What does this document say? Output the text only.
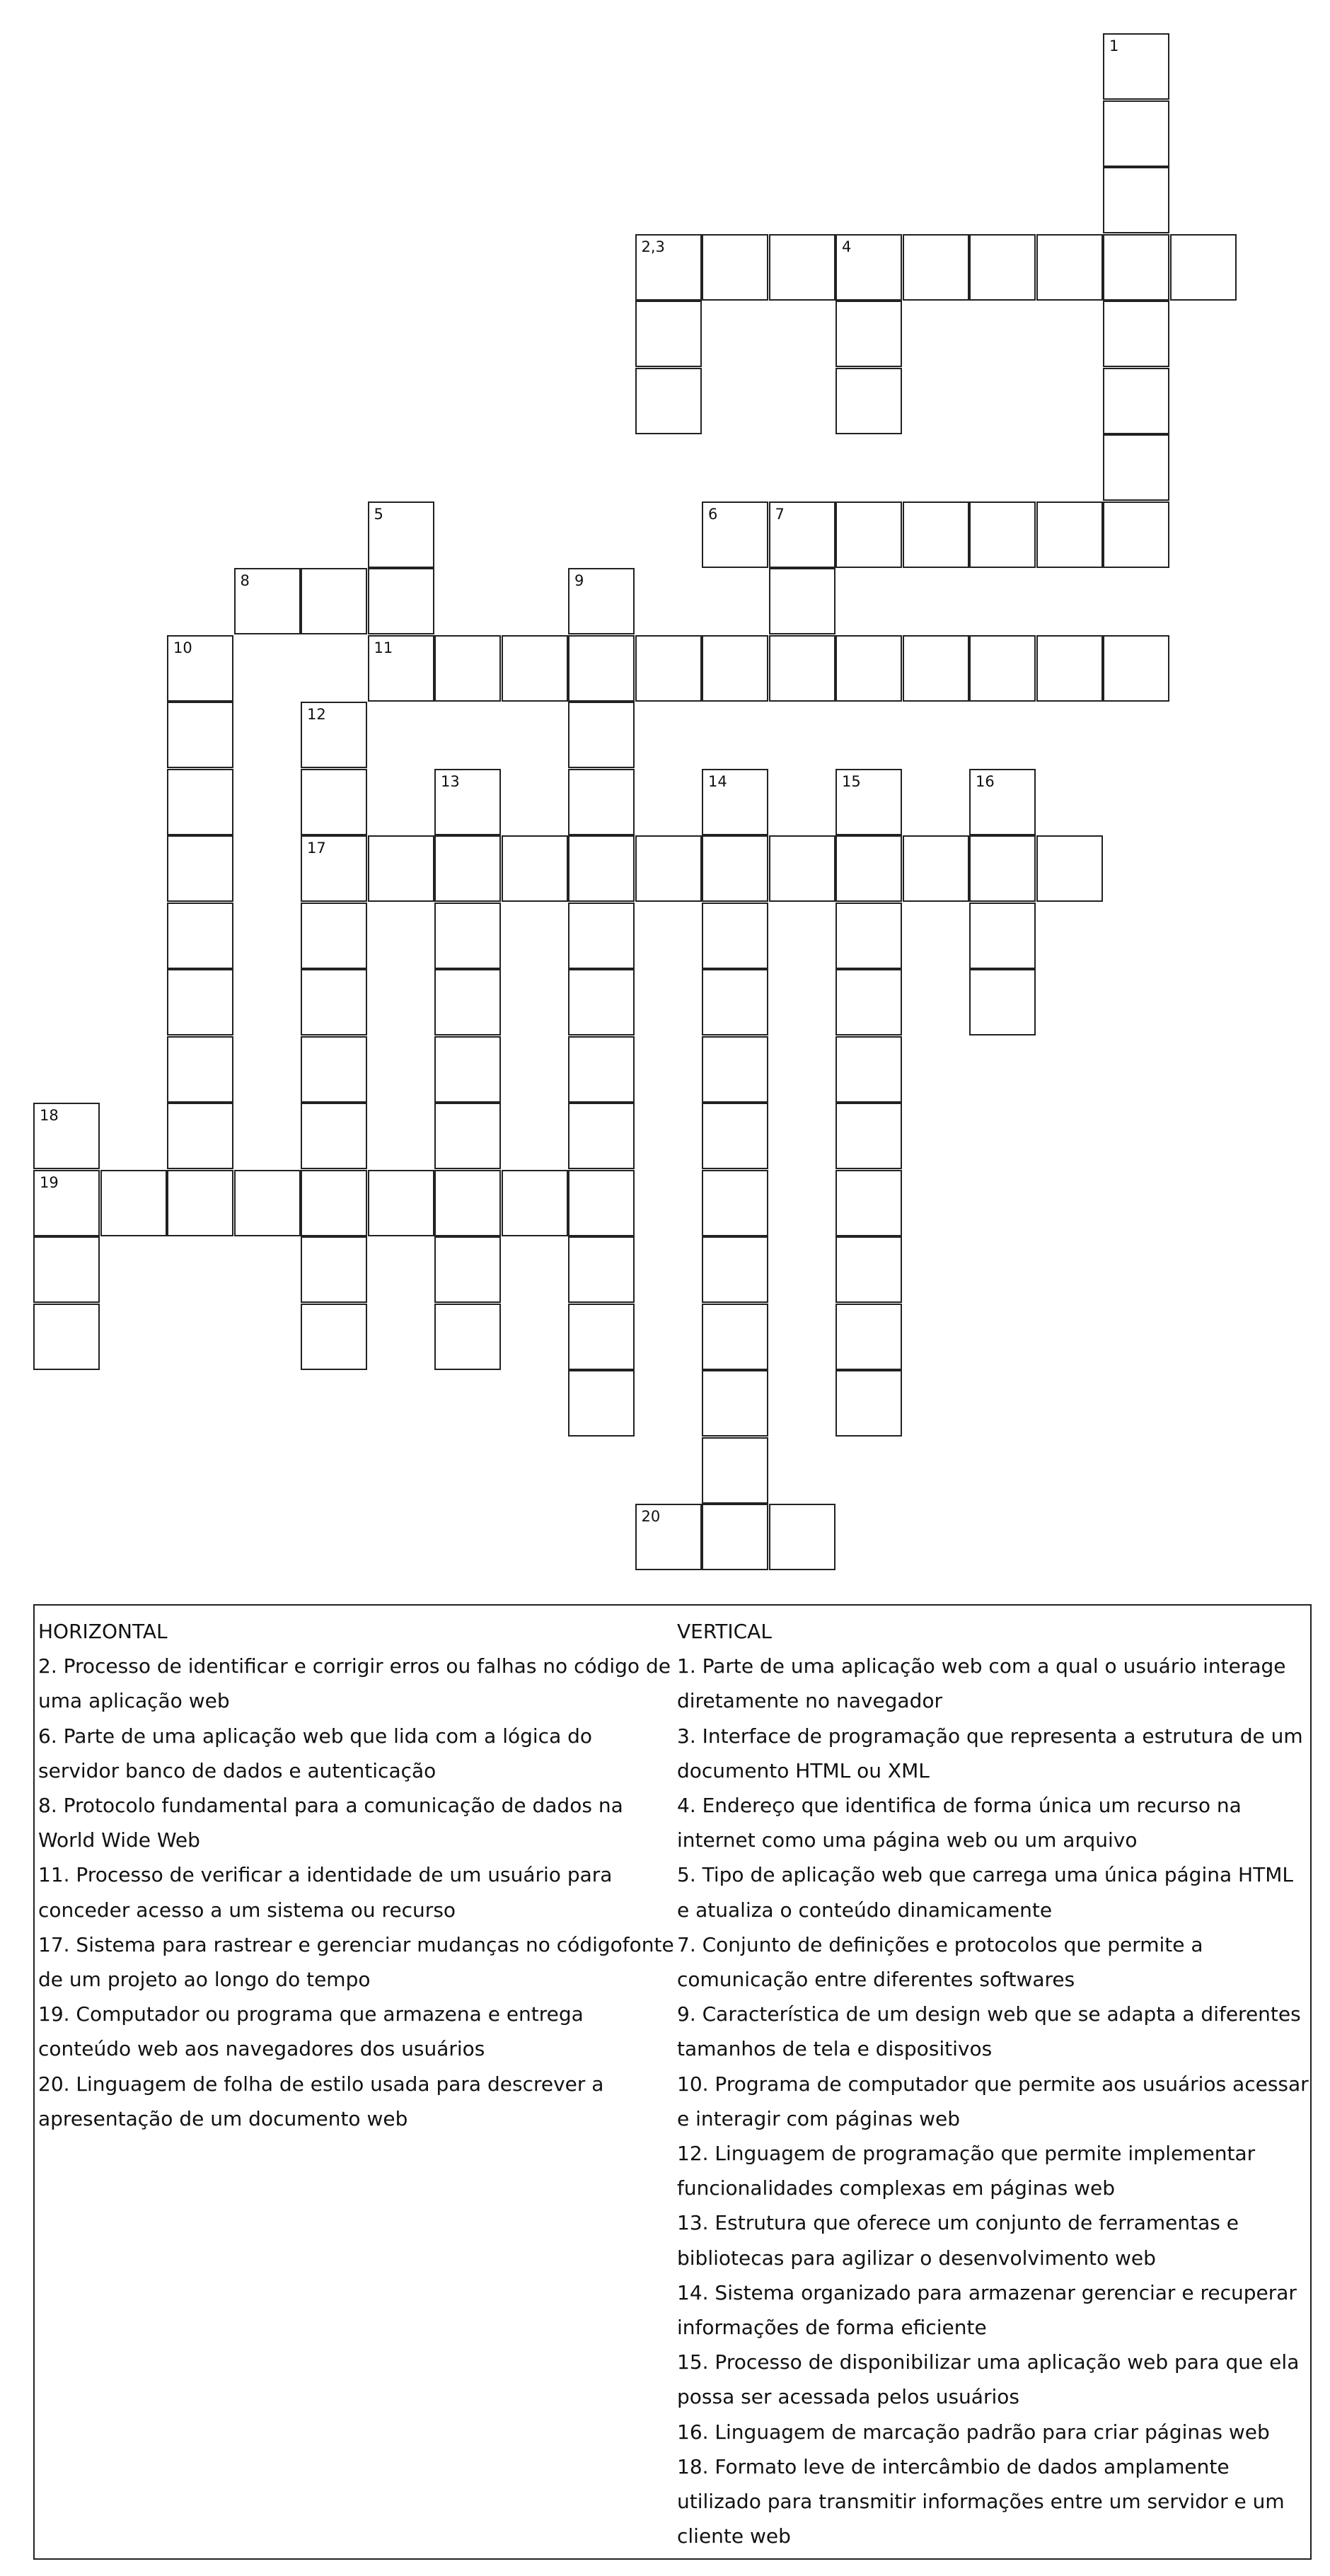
1
2,3	4
6	7
5
8	9
11
10
12
17
13	14	15	16
18
19
20

HORIZONTAL

2. Processo de identificar e corrigir erros ou falhas no código de uma aplicação web

6. Parte de uma aplicação web que lida com a lógica do servidor banco de dados e autenticação

8. Protocolo fundamental para a comunicação de dados na World Wide Web

11. Processo de verificar a identidade de um usuário para conceder acesso a um sistema ou recurso

17. Sistema para rastrear e gerenciar mudanças no códigofonte de um projeto ao longo do tempo

19. Computador ou programa que armazena e entrega conteúdo web aos navegadores dos usuários

20. Linguagem de folha de estilo usada para descrever a apresentação de um documento web

VERTICAL

1. Parte de uma aplicação web com a qual o usuário interage diretamente no navegador

3. Interface de programação que representa a estrutura de um documento HTML ou XML

4. Endereço que identifica de forma única um recurso na internet como uma página web ou um arquivo

5. Tipo de aplicação web que carrega uma única página HTML e atualiza o conteúdo dinamicamente

7. Conjunto de definições e protocolos que permite a comunicação entre diferentes softwares

9. Característica de um design web que se adapta a diferentes tamanhos de tela e dispositivos

10. Programa de computador que permite aos usuários acessar e interagir com páginas web

12. Linguagem de programação que permite implementar funcionalidades complexas em páginas web

13. Estrutura que oferece um conjunto de ferramentas e bibliotecas para agilizar o desenvolvimento web

14. Sistema organizado para armazenar gerenciar e recuperar informações de forma eficiente

15. Processo de disponibilizar uma aplicação web para que ela possa ser acessada pelos usuários

16. Linguagem de marcação padrão para criar páginas web

18. Formato leve de intercâmbio de dados amplamente utilizado para transmitir informações entre um servidor e um cliente web
